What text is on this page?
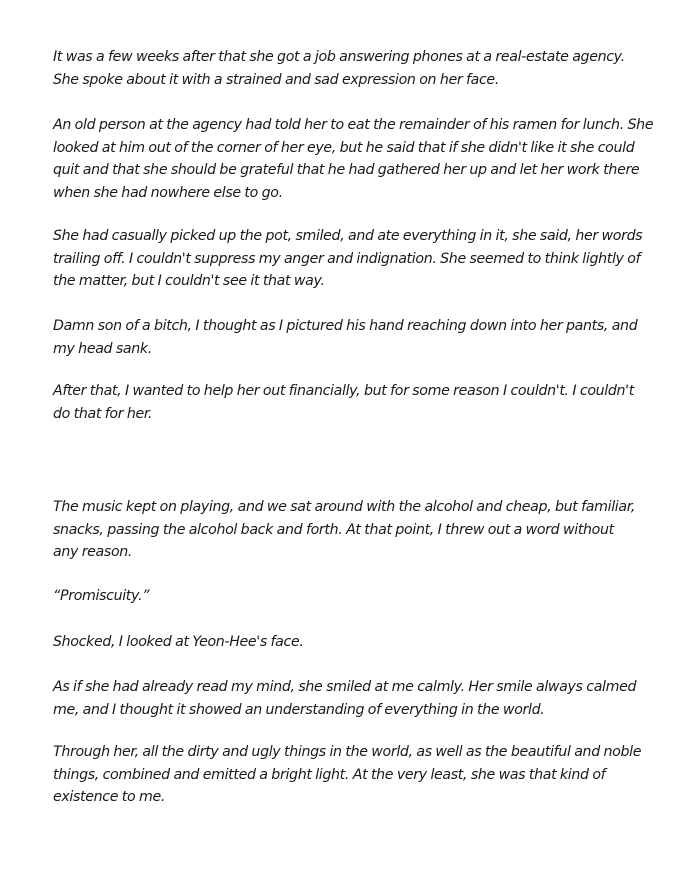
It was a few weeks after that she got a job answering phones at a real-estate agency.
She spoke about it with a strained and sad expression on her face.

An old person at the agency had told her to eat the remainder of his ramen for lunch. She
looked at him out of the corner of her eye, but he said that if she didn't like it she could
quit and that she should be grateful that he had gathered her up and let her work there
when she had nowhere else to go.

She had casually picked up the pot, smiled, and ate everything in it, she said, her words
trailing off. I couldn't suppress my anger and indignation. She seemed to think lightly of
the matter, but I couldn't see it that way.

Damn son of a bitch, I thought as I pictured his hand reaching down into her pants, and
my head sank.

After that, I wanted to help her out financially, but for some reason I couldn't. I couldn't
do that for her.

The music kept on playing, and we sat around with the alcohol and cheap, but familiar,
snacks, passing the alcohol back and forth. At that point, I threw out a word without
any reason.

“Promiscuity.”

Shocked, I looked at Yeon-Hee's face.

As if she had already read my mind, she smiled at me calmly. Her smile always calmed
me, and I thought it showed an understanding of everything in the world.

Through her, all the dirty and ugly things in the world, as well as the beautiful and noble
things, combined and emitted a bright light. At the very least, she was that kind of
existence to me.
